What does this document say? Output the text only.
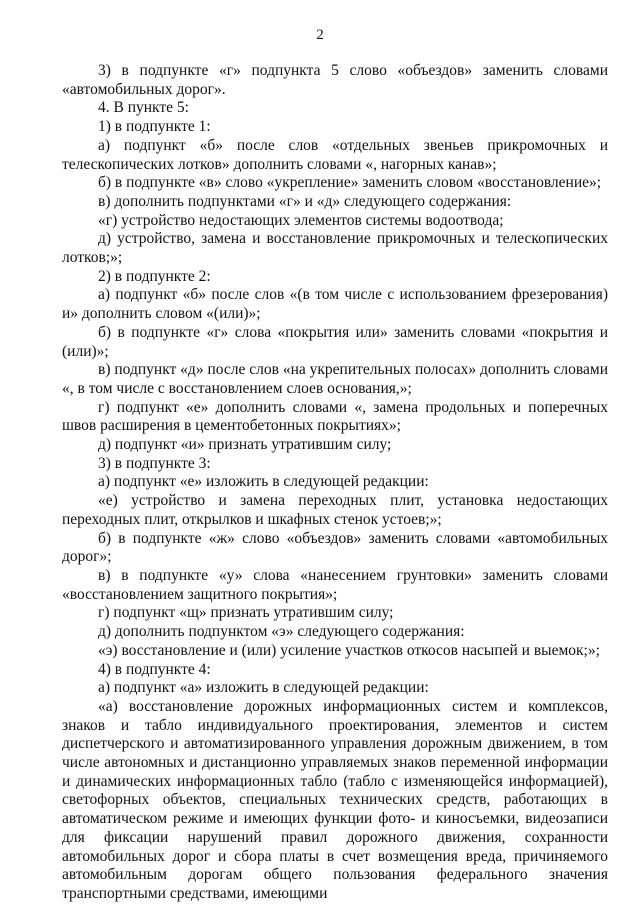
2

3) в подпункте «г» подпункта 5 слово «объездов» заменить словами «автомобильных дорог».

4. В пункте 5:

1) в подпункте 1:

а) подпункт «б» после слов «отдельных звеньев прикромочных и телескопических лотков» дополнить словами «, нагорных канав»;

б) в подпункте «в» слово «укрепление» заменить словом «восстановление»;

в) дополнить подпунктами «г» и «д» следующего содержания:

«г) устройство недостающих элементов системы водоотвода;

д) устройство, замена и восстановление прикромочных и телескопических лотков;»;

2) в подпункте 2:

а) подпункт «б» после слов «(в том числе с использованием фрезерования) и» дополнить словом «(или)»;

б) в подпункте «г» слова «покрытия или» заменить словами «покрытия и (или)»;

в) подпункт «д» после слов «на укрепительных полосах» дополнить словами «, в том числе с восстановлением слоев основания,»;

г) подпункт «е» дополнить словами «, замена продольных и поперечных швов расширения в цементобетонных покрытиях»;

д) подпункт «и» признать утратившим силу;

3) в подпункте 3:

а) подпункт «е» изложить в следующей редакции:

«е) устройство и замена переходных плит, установка недостающих переходных плит, открылков и шкафных стенок устоев;»;

б) в подпункте «ж» слово «объездов» заменить словами «автомобильных дорог»;

в) в подпункте «у» слова «нанесением грунтовки» заменить словами «восстановлением защитного покрытия»;

г) подпункт «щ» признать утратившим силу;

д) дополнить подпунктом «э» следующего содержания:

«э) восстановление и (или) усиление участков откосов насыпей и выемок;»;

4) в подпункте 4:

а) подпункт «а» изложить в следующей редакции:

«а) восстановление дорожных информационных систем и комплексов, знаков и табло индивидуального проектирования, элементов и систем диспетчерского и автоматизированного управления дорожным движением, в том числе автономных и дистанционно управляемых знаков переменной информации и динамических информационных табло (табло с изменяющейся информацией), светофорных объектов, специальных технических средств, работающих в автоматическом режиме и имеющих функции фото- и киносъемки, видеозаписи для фиксации нарушений правил дорожного движения, сохранности автомобильных дорог и сбора платы в счет возмещения вреда, причиняемого автомобильным дорогам общего пользования федерального значения транспортными средствами, имеющими
